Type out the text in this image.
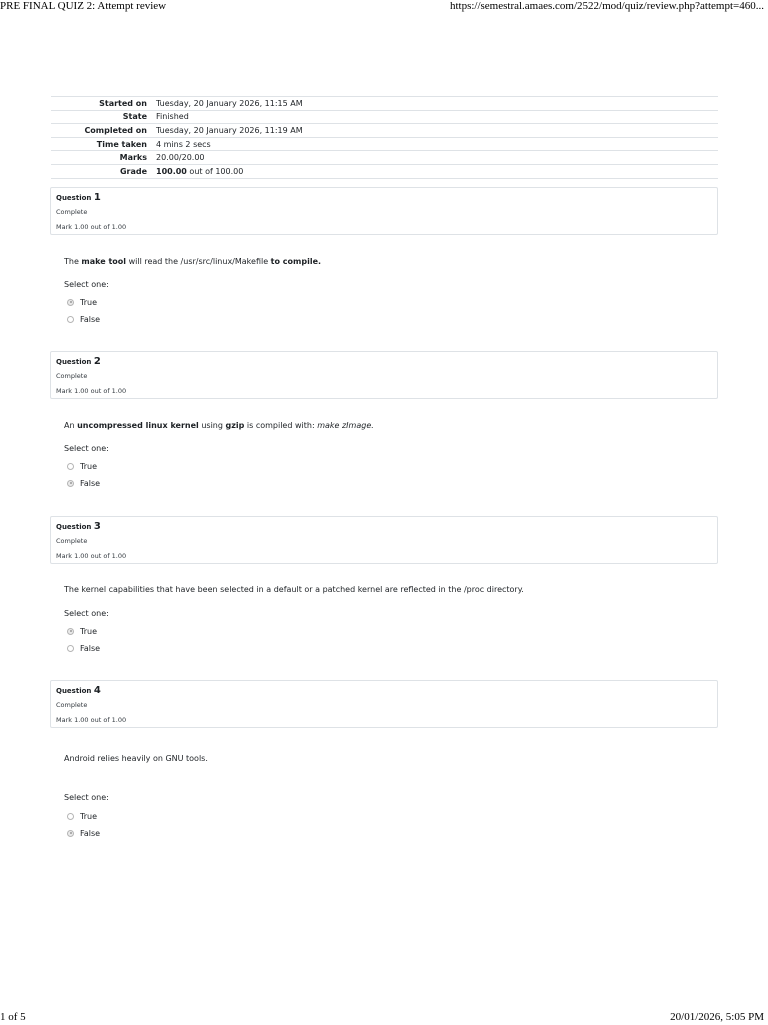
PRE FINAL QUIZ 2: Attempt review	https://semestral.amaes.com/2522/mod/quiz/review.php?attempt=460...
Started on	Tuesday, 20 January 2026, 11:15 AM
State	Finished
Completed on	Tuesday, 20 January 2026, 11:19 AM
Time taken	4 mins 2 secs
Marks	20.00/20.00
Grade	100.00 out of 100.00
Question 1
Complete
Mark 1.00 out of 1.00
The make tool will read the /usr/src/linux/Makefile to compile.
Select one:
True
False
Question 2
Complete
Mark 1.00 out of 1.00
An uncompressed linux kernel using gzip is compiled with: make zImage.
Select one:
True
False
Question 3
Complete
Mark 1.00 out of 1.00
The kernel capabilities that have been selected in a default or a patched kernel are reflected in the /proc directory.
Select one:
True
False
Question 4
Complete
Mark 1.00 out of 1.00
Android relies heavily on GNU tools.
Select one:
True
False
1 of 5	20/01/2026, 5:05 PM
